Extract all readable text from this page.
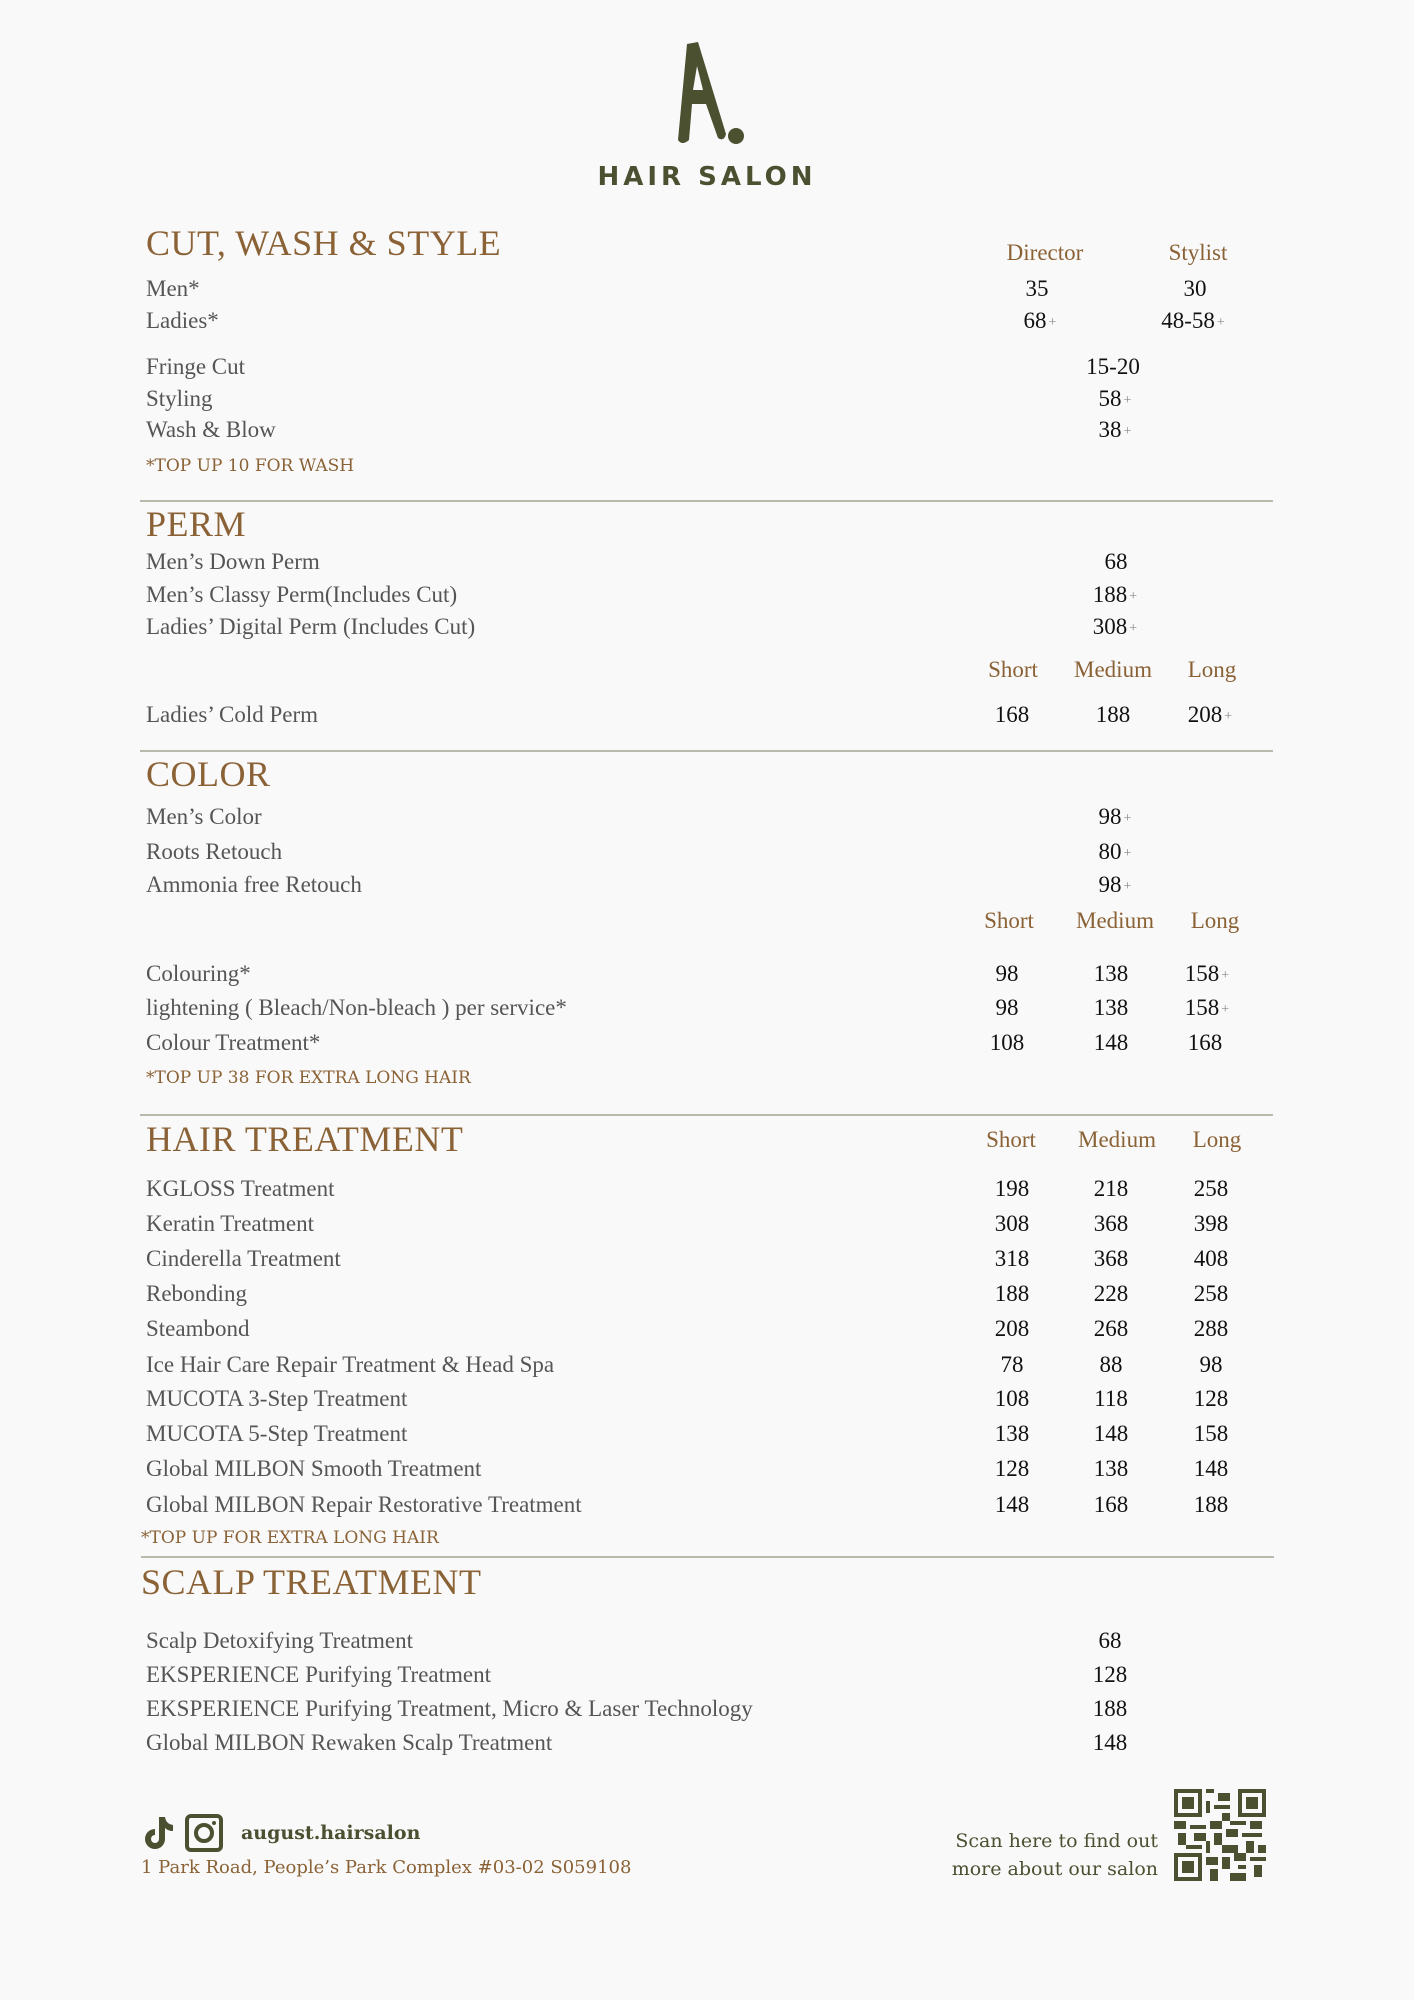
HAIR SALON
CUT, WASH & STYLE	Director	Stylist
Men*	35	30
Ladies*	68 +	48-58 +
Fringe Cut	15-20
Styling	58 +
Wash & Blow	38 +
*TOP UP 10 FOR WASH
PERM
Men’s Down Perm	68
Men’s Classy Perm(Includes Cut)	188 +
Ladies’ Digital Perm (Includes Cut)	308 +
Short	Medium	Long
Ladies’ Cold Perm	168	188	208 +
COLOR
Men’s Color	98 +
Roots Retouch	80 +
Ammonia free Retouch	98 +
Short	Medium	Long
Colouring*	98	138	158 +
lightening ( Bleach/Non-bleach ) per service*	98	138	158 +
Colour Treatment*	108	148	168
*TOP UP 38 FOR EXTRA LONG HAIR
HAIR TREATMENT	Short	Medium	Long
KGLOSS Treatment	198	218	258
Keratin Treatment	308	368	398
Cinderella Treatment	318	368	408
Rebonding	188	228	258
Steambond	208	268	288
Ice Hair Care Repair Treatment & Head Spa	78	88	98
MUCOTA 3-Step Treatment	108	118	128
MUCOTA 5-Step Treatment	138	148	158
Global MILBON Smooth Treatment	128	138	148
Global MILBON Repair Restorative Treatment	148	168	188
*TOP UP FOR EXTRA LONG HAIR
SCALP TREATMENT
Scalp Detoxifying Treatment	68
EKSPERIENCE Purifying Treatment	128
EKSPERIENCE Purifying Treatment, Micro & Laser Technology	188
Global MILBON Rewaken Scalp Treatment	148
august.hairsalon
1 Park Road, People’s Park Complex #03-02 S059108
Scan here to find out
more about our salon
